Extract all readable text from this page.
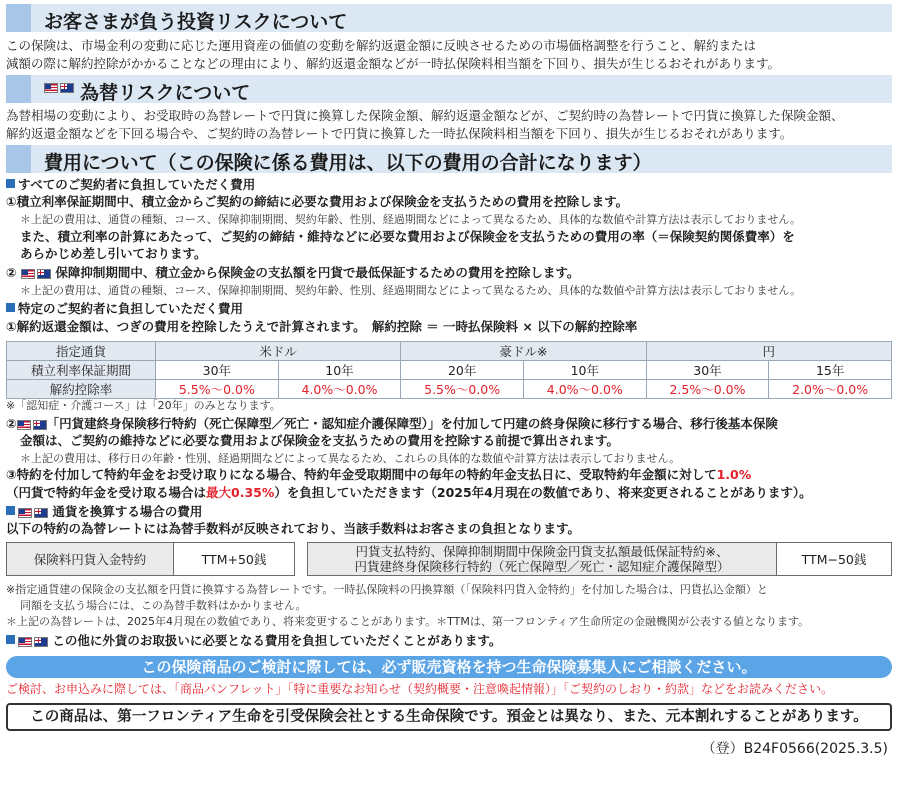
お客さまが負う投資リスクについて
この保険は、市場金利の変動に応じた運用資産の価値の変動を解約返還金額に反映させるための市場価格調整を行うこと、解約または
減額の際に解約控除がかかることなどの理由により、解約返還金額などが一時払保険料相当額を下回り、損失が生じるおそれがあります。
為替リスクについて
為替相場の変動により、お受取時の為替レートで円貨に換算した保険金額、解約返還金額などが、ご契約時の為替レートで円貨に換算した保険金額、
解約返還金額などを下回る場合や、ご契約時の為替レートで円貨に換算した一時払保険料相当額を下回り、損失が生じるおそれがあります。
費用について（この保険に係る費用は、以下の費用の合計になります）
すべてのご契約者に負担していただく費用
①積立利率保証期間中、積立金からご契約の締結に必要な費用および保険金を支払うための費用を控除します。
＊上記の費用は、通貨の種類、コース、保障抑制期間、契約年齢、性別、経過期間などによって異なるため、具体的な数値や計算方法は表示しておりません。
また、積立利率の計算にあたって、ご契約の締結・維持などに必要な費用および保険金を支払うための費用の率（＝保険契約関係費率）を
あらかじめ差し引いております。
②	保障抑制期間中、積立金から保険金の支払額を円貨で最低保証するための費用を控除します。
＊上記の費用は、通貨の種類、コース、保障抑制期間、契約年齢、性別、経過期間などによって異なるため、具体的な数値や計算方法は表示しておりません。
特定のご契約者に負担していただく費用
①解約返還金額は、つぎの費用を控除したうえで計算されます。　解約控除 ＝ 一時払保険料 × 以下の解約控除率
指定通貨	米ドル		豪ドル※		円	
積立利率保証期間	30年	10年	20年	10年	30年	15年
解約控除率	5.5%〜0.0%	4.0%〜0.0%	5.5%〜0.0%	4.0%〜0.0%	2.5%〜0.0%	2.0%〜0.0%
※「認知症・介護コース」は「20年」のみとなります。
② 「円貨建終身保険移行特約（死亡保障型／死亡・認知症介護保障型）」を付加して円建の終身保険に移行する場合、移行後基本保険
金額は、ご契約の維持などに必要な費用および保険金を支払うための費用を控除する前提で算出されます。
＊上記の費用は、移行日の年齢・性別、経過期間などによって異なるため、これらの具体的な数値や計算方法は表示しておりません。
③特約を付加して特約年金をお受け取りになる場合、特約年金受取期間中の毎年の特約年金支払日に、受取特約年金額に対して1.0%
（円貨で特約年金を受け取る場合は最大0.35%）を負担していただきます（2025年4月現在の数値であり、将来変更されることがあります）。
通貨を換算する場合の費用
以下の特約の為替レートには為替手数料が反映されており、当該手数料はお客さまの負担となります。
保険料円貨入金特約	TTM+50銭
円貨支払特約、保障抑制期間中保険金円貨支払額最低保証特約※、
円貨建終身保険移行特約（死亡保障型／死亡・認知症介護保障型）	TTM−50銭
※指定通貨建の保険金の支払額を円貨に換算する為替レートです。一時払保険料の円換算額（「保険料円貨入金特約」を付加した場合は、円貨払込金額）と
同額を支払う場合には、この為替手数料はかかりません。
＊上記の為替レートは、2025年4月現在の数値であり、将来変更することがあります。＊TTMは、第一フロンティア生命所定の金融機関が公表する値となります。
この他に外貨のお取扱いに必要となる費用を負担していただくことがあります。
この保険商品のご検討に際しては、必ず販売資格を持つ生命保険募集人にご相談ください。
ご検討、お申込みに際しては、「商品パンフレット」「特に重要なお知らせ（契約概要・注意喚起情報）」「ご契約のしおり・約款」などをお読みください。
この商品は、第一フロンティア生命を引受保険会社とする生命保険です。預金とは異なり、また、元本割れすることがあります。
（登）B24F0566(2025.3.5)
